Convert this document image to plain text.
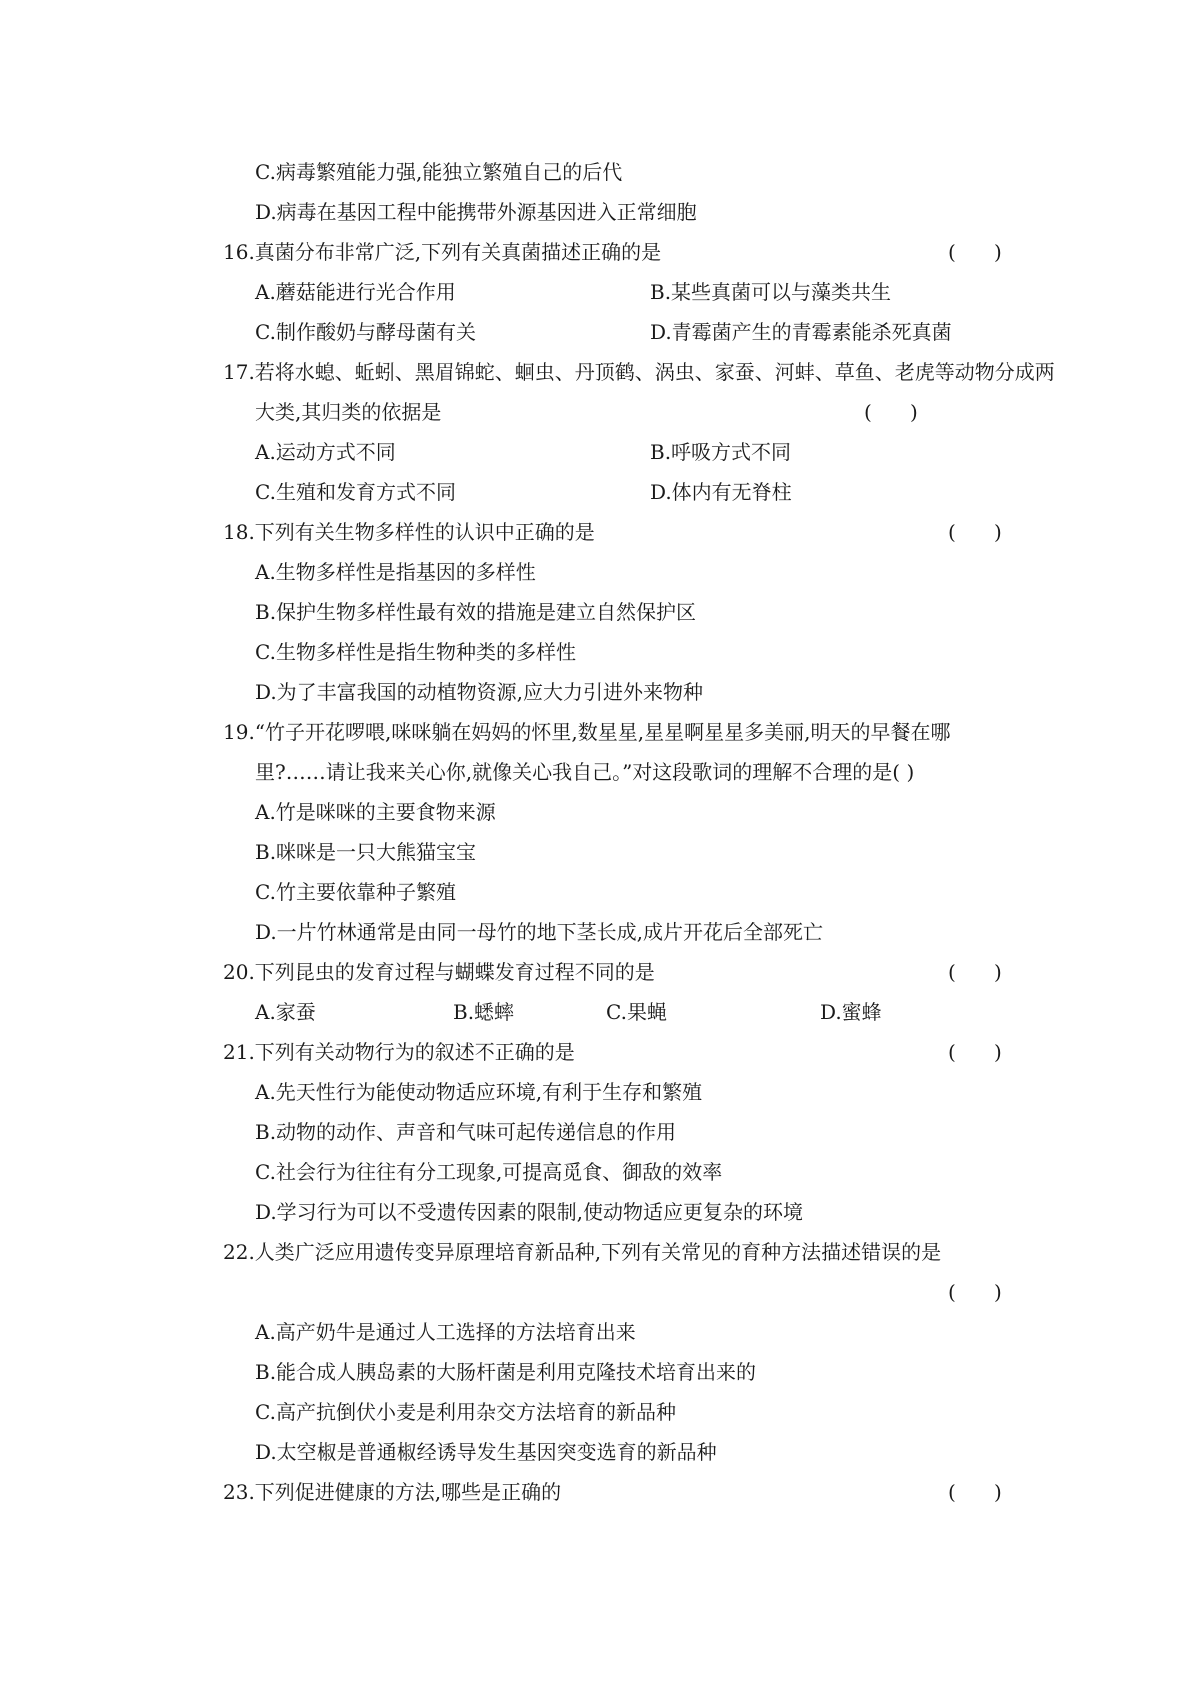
C.病毒繁殖能力强,能独立繁殖自己的后代
D.病毒在基因工程中能携带外源基因进入正常细胞
16.真菌分布非常广泛,下列有关真菌描述正确的是	(      )
A.蘑菇能进行光合作用	B.某些真菌可以与藻类共生
C.制作酸奶与酵母菌有关	D.青霉菌产生的青霉素能杀死真菌
17.若将水螅、蚯蚓、黑眉锦蛇、蛔虫、丹顶鹤、涡虫、家蚕、河蚌、草鱼、老虎等动物分成两
大类,其归类的依据是	(      )
A.运动方式不同	B.呼吸方式不同
C.生殖和发育方式不同	D.体内有无脊柱
18.下列有关生物多样性的认识中正确的是	(      )
A.生物多样性是指基因的多样性
B.保护生物多样性最有效的措施是建立自然保护区
C.生物多样性是指生物种类的多样性
D.为了丰富我国的动植物资源,应大力引进外来物种
19.“竹子开花啰喂,咪咪躺在妈妈的怀里,数星星,星星啊星星多美丽,明天的早餐在哪
里?……请让我来关心你,就像关心我自己。”对这段歌词的理解不合理的是( )
A.竹是咪咪的主要食物来源
B.咪咪是一只大熊猫宝宝
C.竹主要依靠种子繁殖
D.一片竹林通常是由同一母竹的地下茎长成,成片开花后全部死亡
20.下列昆虫的发育过程与蝴蝶发育过程不同的是	(      )
A.家蚕	B.蟋蟀	C.果蝇	D.蜜蜂
21.下列有关动物行为的叙述不正确的是	(      )
A.先天性行为能使动物适应环境,有利于生存和繁殖
B.动物的动作、声音和气味可起传递信息的作用
C.社会行为往往有分工现象,可提高觅食、御敌的效率
D.学习行为可以不受遗传因素的限制,使动物适应更复杂的环境
22.人类广泛应用遗传变异原理培育新品种,下列有关常见的育种方法描述错误的是
(      )
A.高产奶牛是通过人工选择的方法培育出来
B.能合成人胰岛素的大肠杆菌是利用克隆技术培育出来的
C.高产抗倒伏小麦是利用杂交方法培育的新品种
D.太空椒是普通椒经诱导发生基因突变选育的新品种
23.下列促进健康的方法,哪些是正确的	(      )
